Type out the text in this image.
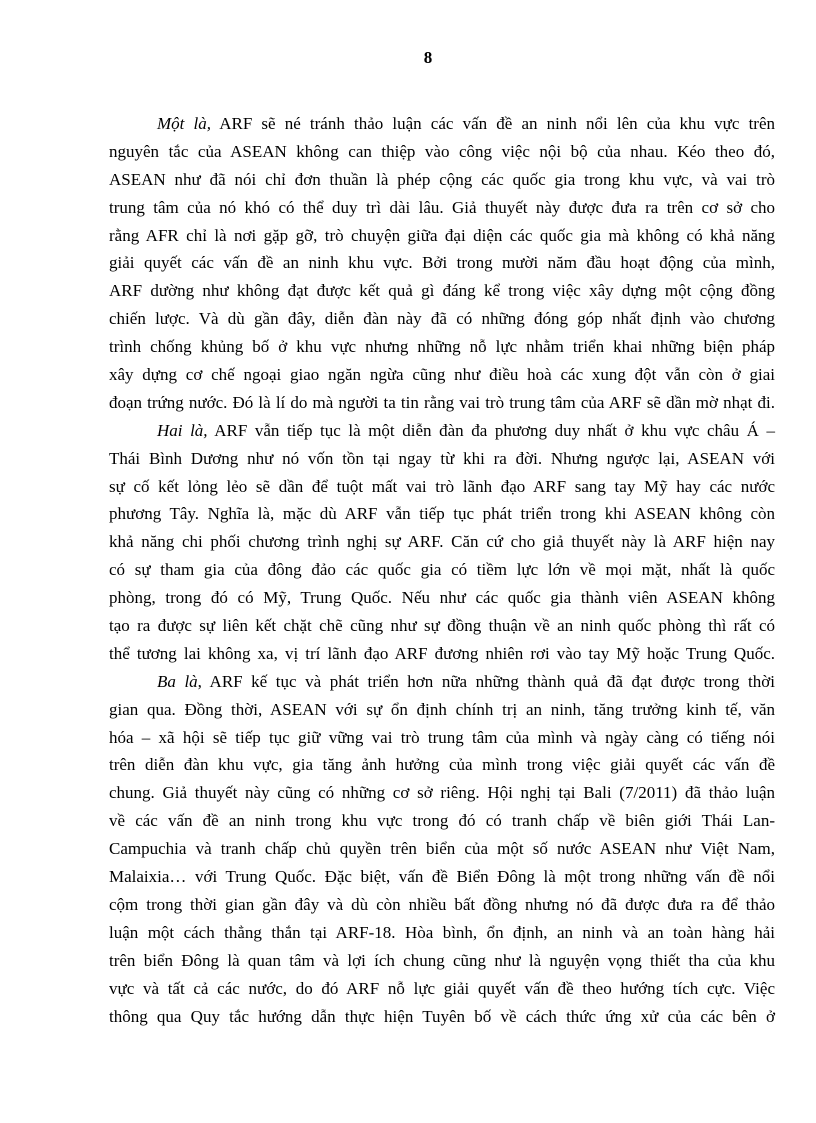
8
Một là, ARF sẽ né tránh thảo luận các vấn đề an ninh nổi lên của khu vực trên
nguyên tắc của ASEAN không can thiệp vào công việc nội bộ của nhau. Kéo theo đó,
ASEAN như đã nói chỉ đơn thuần là phép cộng các quốc gia trong khu vực, và vai trò
trung tâm của nó khó có thể duy trì dài lâu. Giả thuyết này được đưa ra trên cơ sở cho
rằng AFR chỉ là nơi gặp gỡ, trò chuyện giữa đại diện các quốc gia mà không có khả năng
giải quyết các vấn đề an ninh khu vực. Bởi trong mười năm đầu hoạt động của mình,
ARF dường như không đạt được kết quả gì đáng kể trong việc xây dựng một cộng đồng
chiến lược. Và dù gần đây, diễn đàn này đã có những đóng góp nhất định vào chương
trình chống khủng bố ở khu vực nhưng những nỗ lực nhằm triển khai những biện pháp
xây dựng cơ chế ngoại giao ngăn ngừa cũng như điều hoà các xung đột vẫn còn ở giai
đoạn trứng nước. Đó là lí do mà người ta tin rằng vai trò trung tâm của ARF sẽ dần mờ nhạt đi.
Hai là, ARF vẫn tiếp tục là một diễn đàn đa phương duy nhất ở khu vực châu Á –
Thái Bình Dương như nó vốn tồn tại ngay từ khi ra đời. Nhưng ngược lại, ASEAN với
sự cố kết lỏng lẻo sẽ dần để tuột mất vai trò lãnh đạo ARF sang tay Mỹ hay các nước
phương Tây. Nghĩa là, mặc dù ARF vẫn tiếp tục phát triển trong khi ASEAN không còn
khả năng chi phối chương trình nghị sự ARF. Căn cứ cho giả thuyết này là ARF hiện nay
có sự tham gia của đông đảo các quốc gia có tiềm lực lớn về mọi mặt, nhất là quốc
phòng, trong đó có Mỹ, Trung Quốc. Nếu như các quốc gia thành viên ASEAN không
tạo ra được sự liên kết chặt chẽ cũng như sự đồng thuận về an ninh quốc phòng thì rất có
thể tương lai không xa, vị trí lãnh đạo ARF đương nhiên rơi vào tay Mỹ hoặc Trung Quốc.
Ba là, ARF kế tục và phát triển hơn nữa những thành quả đã đạt được trong thời
gian qua. Đồng thời, ASEAN với sự ổn định chính trị an ninh, tăng trưởng kinh tế, văn
hóa – xã hội sẽ tiếp tục giữ vững vai trò trung tâm của mình và ngày càng có tiếng nói
trên diễn đàn khu vực, gia tăng ảnh hưởng của mình trong việc giải quyết các vấn đề
chung. Giả thuyết này cũng có những cơ sở riêng. Hội nghị tại Bali (7/2011) đã thảo luận
về các vấn đề an ninh trong khu vực trong đó có tranh chấp về biên giới Thái Lan-
Campuchia và tranh chấp chủ quyền trên biển của một số nước ASEAN như Việt Nam,
Malaixia… với Trung Quốc. Đặc biệt, vấn đề Biển Đông là một trong những vấn đề nổi
cộm trong thời gian gần đây và dù còn nhiều bất đồng nhưng nó đã được đưa ra để thảo
luận một cách thẳng thắn tại ARF-18. Hòa bình, ổn định, an ninh và an toàn hàng hải
trên biển Đông là quan tâm và lợi ích chung cũng như là nguyện vọng thiết tha của khu
vực và tất cả các nước, do đó ARF nỗ lực giải quyết vấn đề theo hướng tích cực. Việc
thông qua Quy tắc hướng dẫn thực hiện Tuyên bố về cách thức ứng xử của các bên ở
